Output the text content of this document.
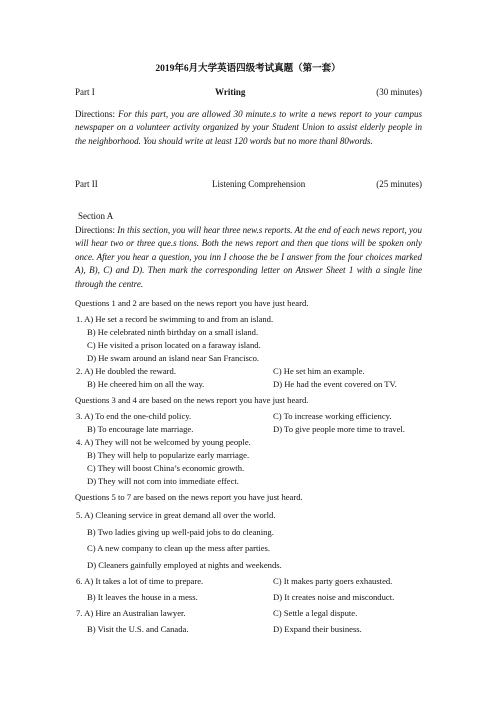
2019年6月大学英语四级考试真题（第一套）
Part I	Writing	(30 minutes)
Directions: For this part, you are allowed 30 minute.s to write a news report to your campus newspaper on a volunteer activity organized by your Student Union to assist elderly people in the neighborhood. You should write at least 120 words but no more thanl 80words.
Part II	Listening Comprehension	(25 minutes)
Section A
Directions: In this section, you will hear three new.s reports. At the end of each news report, you will hear two or three que.s tions. Both the news report and then que tions will be spoken only once. After you hear a question, you inn I choose the be I answer from the four choices marked A), B), C) and D). Then mark the corresponding letter on Answer Sheet 1 with a single line through the centre.
Questions 1 and 2 are based on the news report you have just heard.
1. A) He set a record be swimming to and from an island.
B) He celebrated ninth birthday on a small island.
C) He visited a prison located on a faraway island.
D) He swam around an island near San Francisco.
2. A) He doubled the reward.	C) He set him an example.
B) He cheered him on all the way.	D) He had the event covered on TV.
Questions 3 and 4 are based on the news report you have just heard.
3. A) To end the one-child policy.	C) To increase working efficiency.
B) To encourage late marriage.	D) To give people more time to travel.
4. A) They will not be welcomed by young people.
B) They will help to popularize early marriage.
C) They will boost China’s economic growth.
D) They will not com into immediate effect.
Questions 5 to 7 are based on the news report you have just heard.
5. A) Cleaning service in great demand all over the world.
B) Two ladies giving up well-paid jobs to do cleaning.
C) A new company to clean up the mess after parties.
D) Cleaners gainfully employed at nights and weekends.
6. A) It takes a lot of time to prepare.	C) It makes party goers exhausted.
B) It leaves the house in a mess.	D) It creates noise and misconduct.
7. A) Hire an Australian lawyer.	C) Settle a legal dispute.
B) Visit the U.S. and Canada.	D) Expand their business.
